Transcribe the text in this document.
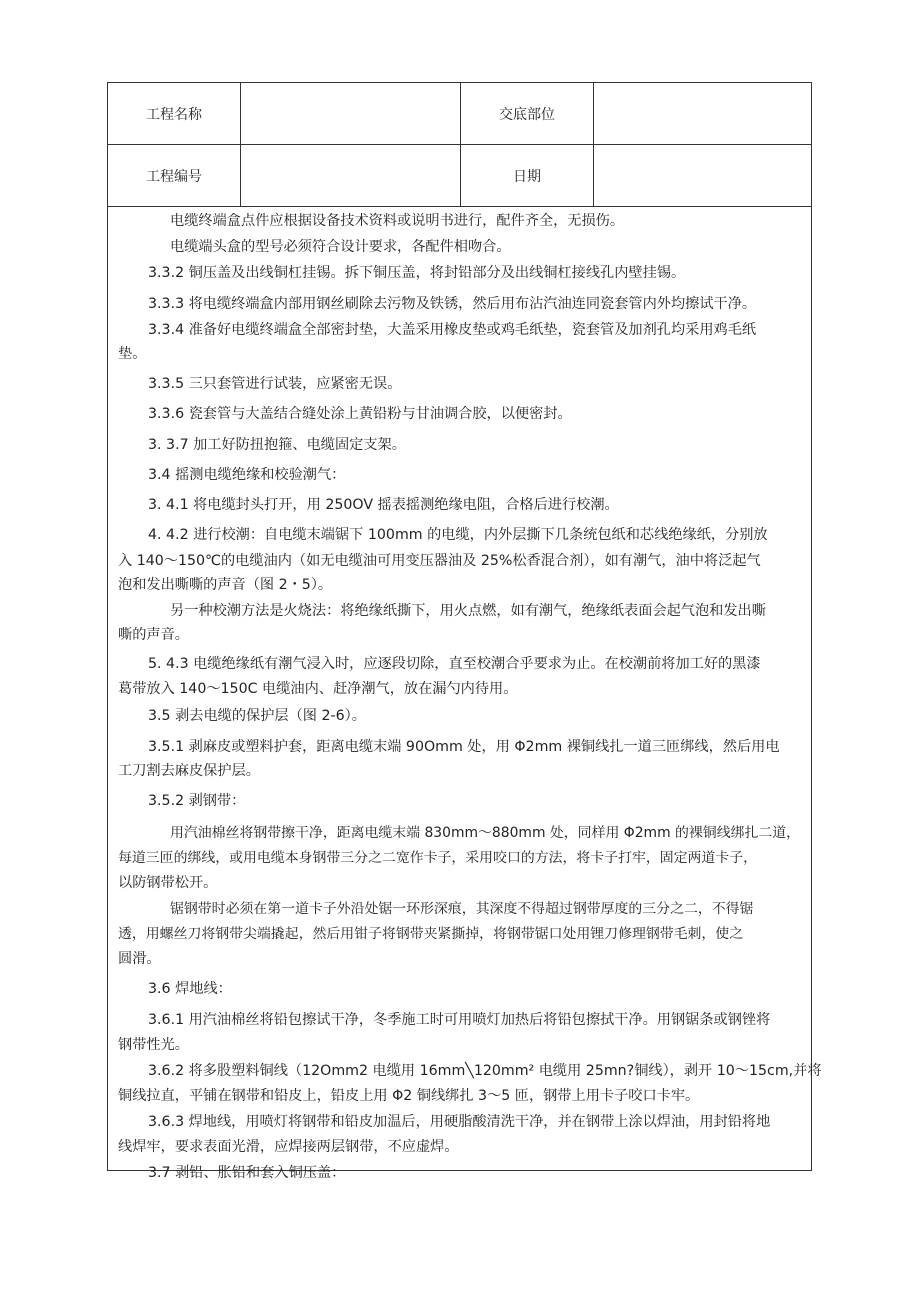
工程名称	交底部位
工程编号	日期
电缆终端盒点件应根据设备技术资料或说明书进行，配件齐全，无损伤。
电缆端头盒的型号必须符合设计要求，各配件相吻合。
3.3.2 铜压盖及出线铜杠挂锡。拆下铜压盖，将封铅部分及出线铜杠接线孔内壁挂锡。
3.3.3 将电缆终端盒内部用钢丝刷除去污物及铁锈，然后用布沾汽油连同瓷套管内外均擦试干净。
3.3.4 准备好电缆终端盒全部密封垫，大盖采用橡皮垫或鸡毛纸垫，瓷套管及加剂孔均采用鸡毛纸
垫。
3.3.5 三只套管进行试装，应紧密无误。
3.3.6 瓷套管与大盖结合缝处涂上黄铅粉与甘油调合胶，以便密封。
3. 3.7 加工好防扭抱箍、电缆固定支架。
3.4 摇测电缆绝缘和校验潮气：
3. 4.1 将电缆封头打开，用 250OV 摇表摇测绝缘电阻，合格后进行校潮。
4. 4.2 进行校潮：自电缆末端锯下 100mm 的电缆，内外层撕下几条统包纸和芯线绝缘纸，分别放
入 140～150℃的电缆油内（如无电缆油可用变压器油及 25%松香混合剂），如有潮气，油中将泛起气
泡和发出嘶嘶的声音（图 2・5）。
另一种校潮方法是火烧法：将绝缘纸撕下，用火点燃，如有潮气，绝缘纸表面会起气泡和发出嘶
嘶的声音。
5. 4.3 电缆绝缘纸有潮气浸入时，应逐段切除，直至校潮合乎要求为止。在校潮前将加工好的黑漆
葛带放入 140～150C 电缆油内、赶净潮气，放在漏勺内待用。
3.5 剥去电缆的保护层（图 2-6）。
3.5.1 剥麻皮或塑料护套，距离电缆末端 90Omm 处，用 Φ2mm 裸铜线扎一道三匝绑线，然后用电
工刀割去麻皮保护层。
3.5.2 剥钢带：
用汽油棉丝将钢带擦干净，距离电缆末端 830mm～880mm 处，同样用 Φ2mm 的裸铜线绑扎二道，
每道三匝的绑线，或用电缆本身钢带三分之二宽作卡子，采用咬口的方法，将卡子打牢，固定两道卡子，
以防钢带松开。
锯钢带时必须在第一道卡子外沿处锯一环形深痕，其深度不得超过钢带厚度的三分之二，不得锯
透，用螺丝刀将钢带尖端撬起，然后用钳子将钢带夹紧撕掉，将钢带锯口处用锂刀修理钢带毛刺，使之
圆滑。
3.6 焊地线：
3.6.1 用汽油棉丝将铅包擦试干净，冬季施工时可用喷灯加热后将铅包擦拭干净。用钢锯条或钢锉将
钢带性光。
3.6.2 将多股塑料铜线（12Omm2 电缆用 16mm╲120mm² 电缆用 25mn?铜线），剥开 10～15cm,并将
铜线拉直，平铺在钢带和铅皮上，铅皮上用 Φ2 铜线绑扎 3～5 匝，钢带上用卡子咬口卡牢。
3.6.3 焊地线，用喷灯将钢带和铅皮加温后，用硬脂酸清洗干净，并在钢带上涂以焊油，用封铅将地
线焊牢，要求表面光滑，应焊接两层钢带，不应虚焊。
3.7 剥铅、胀铅和套入铜压盖：
